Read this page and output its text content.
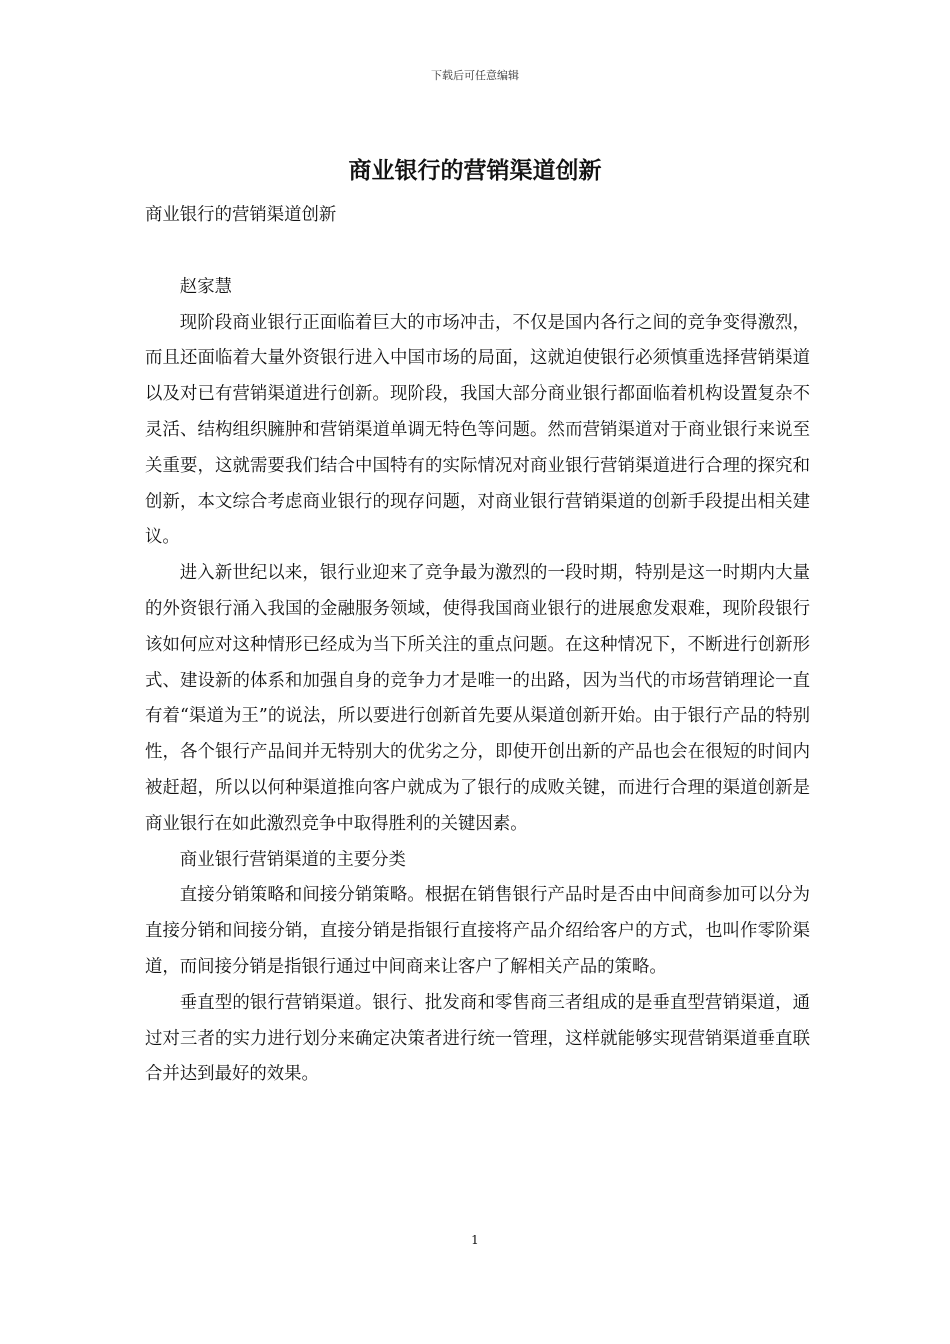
下载后可任意编辑
商业银行的营销渠道创新

商业银行的营销渠道创新

赵家慧

现阶段商业银行正面临着巨大的市场冲击，不仅是国内各行之间的竞争变得激烈，而且还面临着大量外资银行进入中国市场的局面，这就迫使银行必须慎重选择营销渠道以及对已有营销渠道进行创新。现阶段，我国大部分商业银行都面临着机构设置复杂不灵活、结构组织臃肿和营销渠道单调无特色等问题。然而营销渠道对于商业银行来说至关重要，这就需要我们结合中国特有的实际情况对商业银行营销渠道进行合理的探究和创新，本文综合考虑商业银行的现存问题，对商业银行营销渠道的创新手段提出相关建议。

进入新世纪以来，银行业迎来了竞争最为激烈的一段时期，特别是这一时期内大量的外资银行涌入我国的金融服务领域，使得我国商业银行的进展愈发艰难，现阶段银行该如何应对这种情形已经成为当下所关注的重点问题。在这种情况下，不断进行创新形式、建设新的体系和加强自身的竞争力才是唯一的出路，因为当代的市场营销理论一直有着“渠道为王”的说法，所以要进行创新首先要从渠道创新开始。由于银行产品的特别性，各个银行产品间并无特别大的优劣之分，即使开创出新的产品也会在很短的时间内被赶超，所以以何种渠道推向客户就成为了银行的成败关键，而进行合理的渠道创新是商业银行在如此激烈竞争中取得胜利的关键因素。

商业银行营销渠道的主要分类

直接分销策略和间接分销策略。根据在销售银行产品时是否由中间商参加可以分为直接分销和间接分销，直接分销是指银行直接将产品介绍给客户的方式，也叫作零阶渠道，而间接分销是指银行通过中间商来让客户了解相关产品的策略。

垂直型的银行营销渠道。银行、批发商和零售商三者组成的是垂直型营销渠道，通过对三者的实力进行划分来确定决策者进行统一管理，这样就能够实现营销渠道垂直联合并达到最好的效果。

1
